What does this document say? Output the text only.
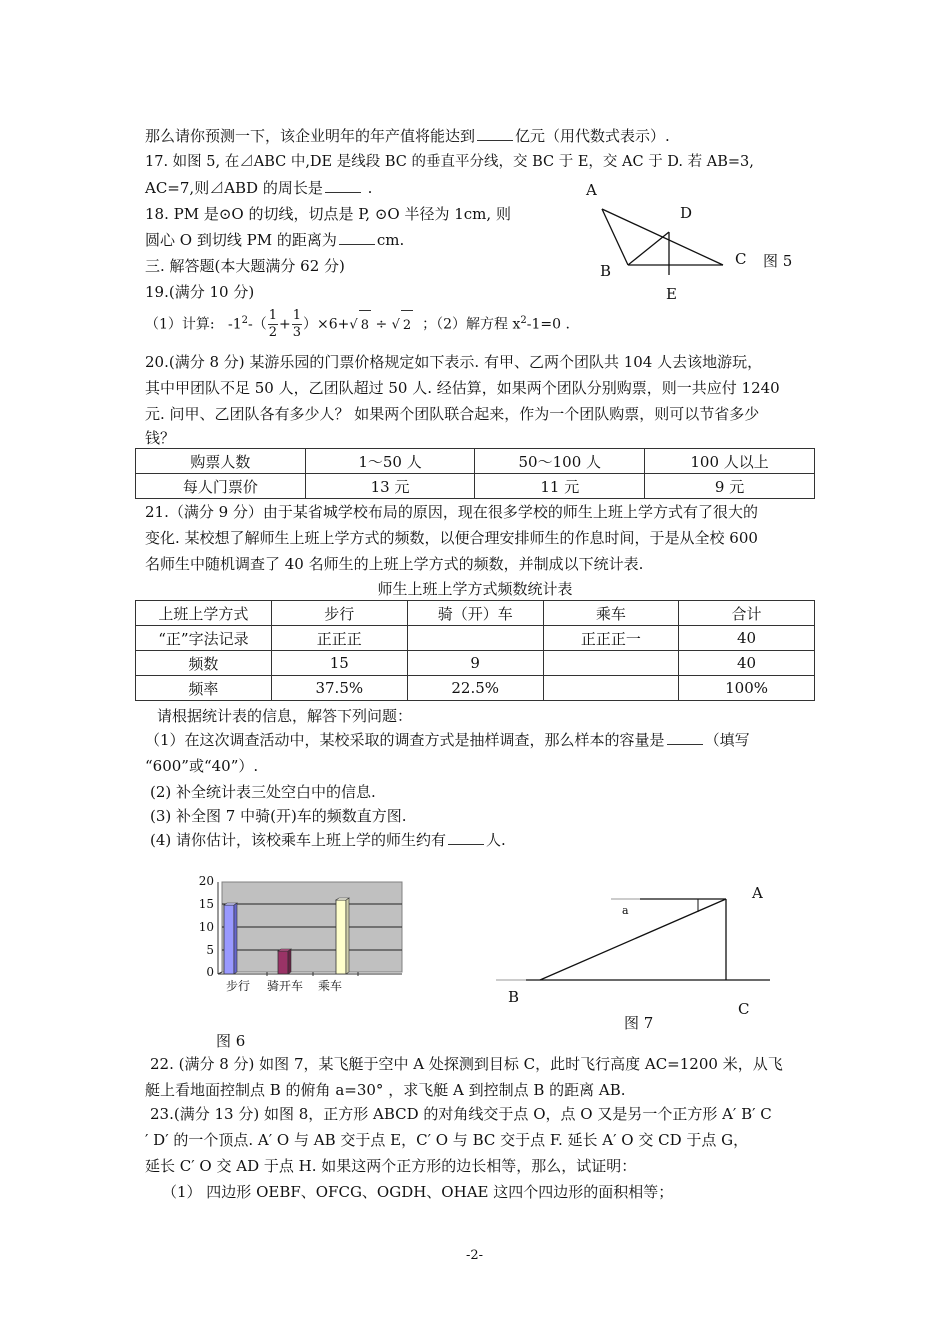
那么请你预测一下，该企业明年的年产值将能达到	亿元（用代数式表示）.
17. 如图 5, 在⊿ABC 中,DE 是线段 BC 的垂直平分线，交 BC 于 E，交 AC 于 D. 若 AB=3,
AC=7,则⊿ABD 的周长是	.
18. PM 是⊙O 的切线，切点是 P, ⊙O 半径为 1cm, 则
圆心 O 到切线 PM 的距离为	cm.
三. 解答题(本大题满分 62 分)
19.(满分 10 分)
A
D
B
C 图 5
E
（1）计算: $-1^2-( \frac{1}{2} + \frac{1}{3} )\times 6+√$ 8 ÷ √ 2 ；（2）解方程 $x^2-1=0$ .
20.(满分 8 分) 某游乐园的门票价格规定如下表示. 有甲、乙两个团队共 104 人去该地游玩，
其中甲团队不足 50 人，乙团队超过 50 人. 经估算，如果两个团队分别购票，则一共应付 1240
元. 问甲、乙团队各有多少人？ 如果两个团队联合起来，作为一个团队购票，则可以节省多少
钱？
购票人数	1～50 人	50～100 人	100 人以上
每人门票价	13 元	11 元	9 元
21.（满分 9 分）由于某省城学校布局的原因，现在很多学校的师生上班上学方式有了很大的
变化. 某校想了解师生上班上学方式的频数，以便合理安排师生的作息时间，于是从全校 600
名师生中随机调查了 40 名师生的上班上学方式的频数，并制成以下统计表.
师生上班上学方式频数统计表
上班上学方式	步行	骑（开）车	乘车	合计
“正”字法记录	正正正		正正正一	40
频数	15	9		40
频率	37.5%	22.5%		100%
请根据统计表的信息，解答下列问题：
（1）在这次调查活动中，某校采取的调查方式是抽样调查，那么样本的容量是	（填写
“600”或“40”）.
(2) 补全统计表三处空白中的信息.
(3) 补全图 7 中骑(开)车的频数直方图.
(4) 请你估计，该校乘车上班上学的师生约有	人.
20
15
10
5
0
步行 骑开车 乘车
图 6
A
a
B
C
图 7
22. (满分 8 分) 如图 7，某飞艇于空中 A 处探测到目标 C，此时飞行高度 AC=1200 米，从飞
艇上看地面控制点 B 的俯角 a=30° ，求飞艇 A 到控制点 B 的距离 AB.
23.(满分 13 分) 如图 8，正方形 ABCD 的对角线交于点 O，点 O 又是另一个正方形 A′ B′ C
′ D′ 的一个顶点. A′ O 与 AB 交于点 E，C′ O 与 BC 交于点 F. 延长 A′ O 交 CD 于点 G，
延长 C′ O 交 AD 于点 H. 如果这两个正方形的边长相等，那么，试证明：
（1） 四边形 OEBF、OFCG、OGDH、OHAE 这四个四边形的面积相等；
-2-
